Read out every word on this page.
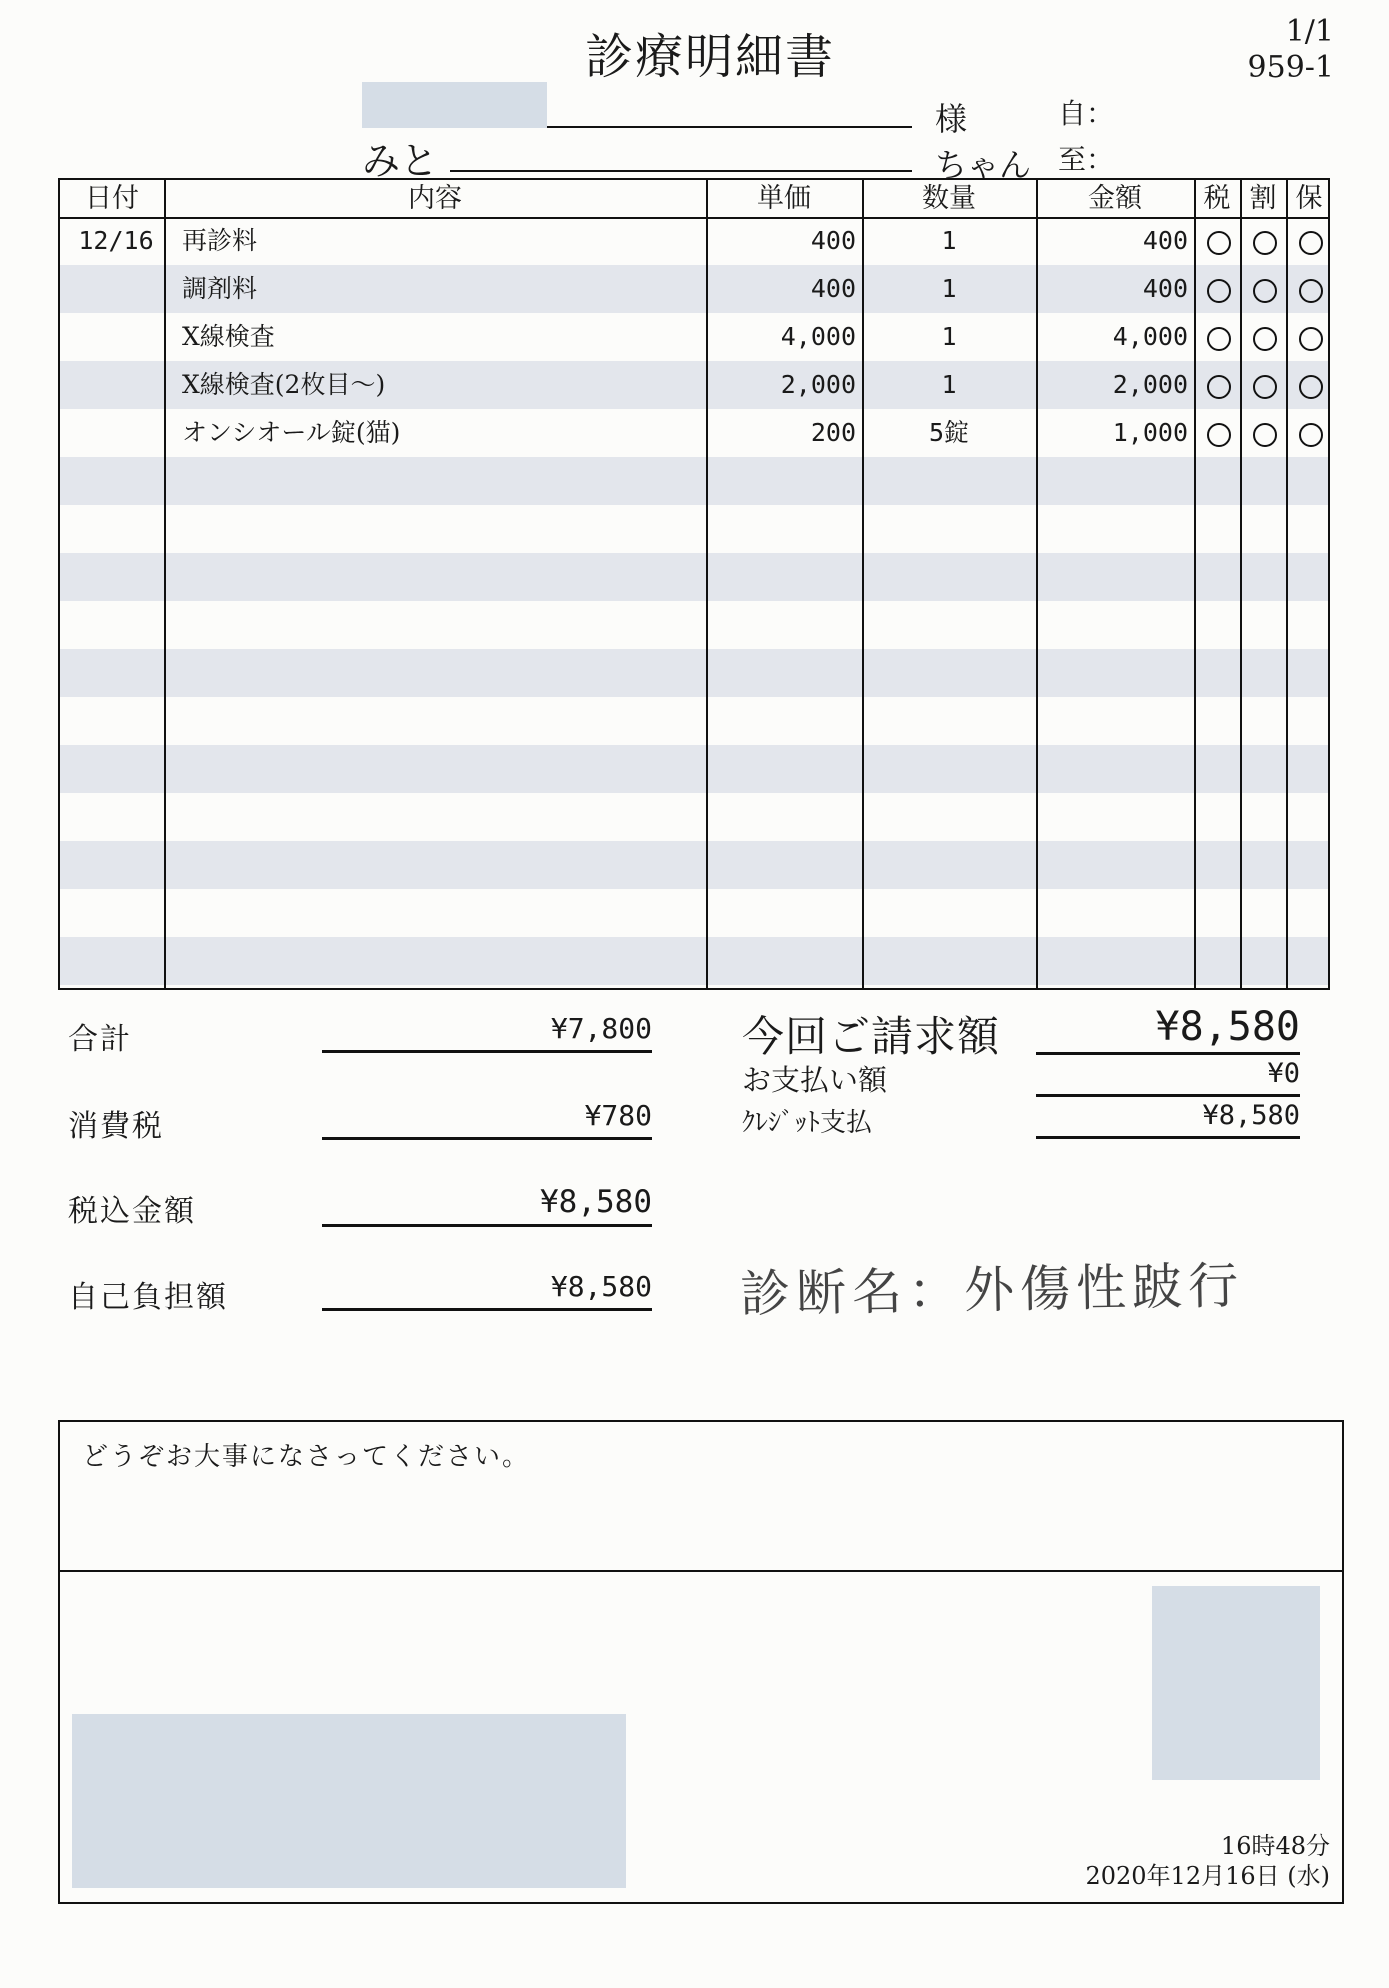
診療明細書	1/1
959-1
様
みと	ちゃん
自：
至：
日付	内容	単価	数量	金額	税 割 保
12/16 再診料	400	1	400
調剤料	400	1	400
X線検査	4,000	1	4,000
X線検査(2枚目～)	2,000	1	2,000
オンシオール錠(猫)	200	5錠	1,000
合計	¥7,800
消費税	¥780
税込金額	¥8,580
自己負担額	¥8,580
今回ご請求額	¥8,580
お支払い額	¥0
ｸﾚｼﾞｯﾄ支払	¥8,580
診断名：外傷性跛行
どうぞお大事になさってください。
16時48分
2020年12月16日 (水)
